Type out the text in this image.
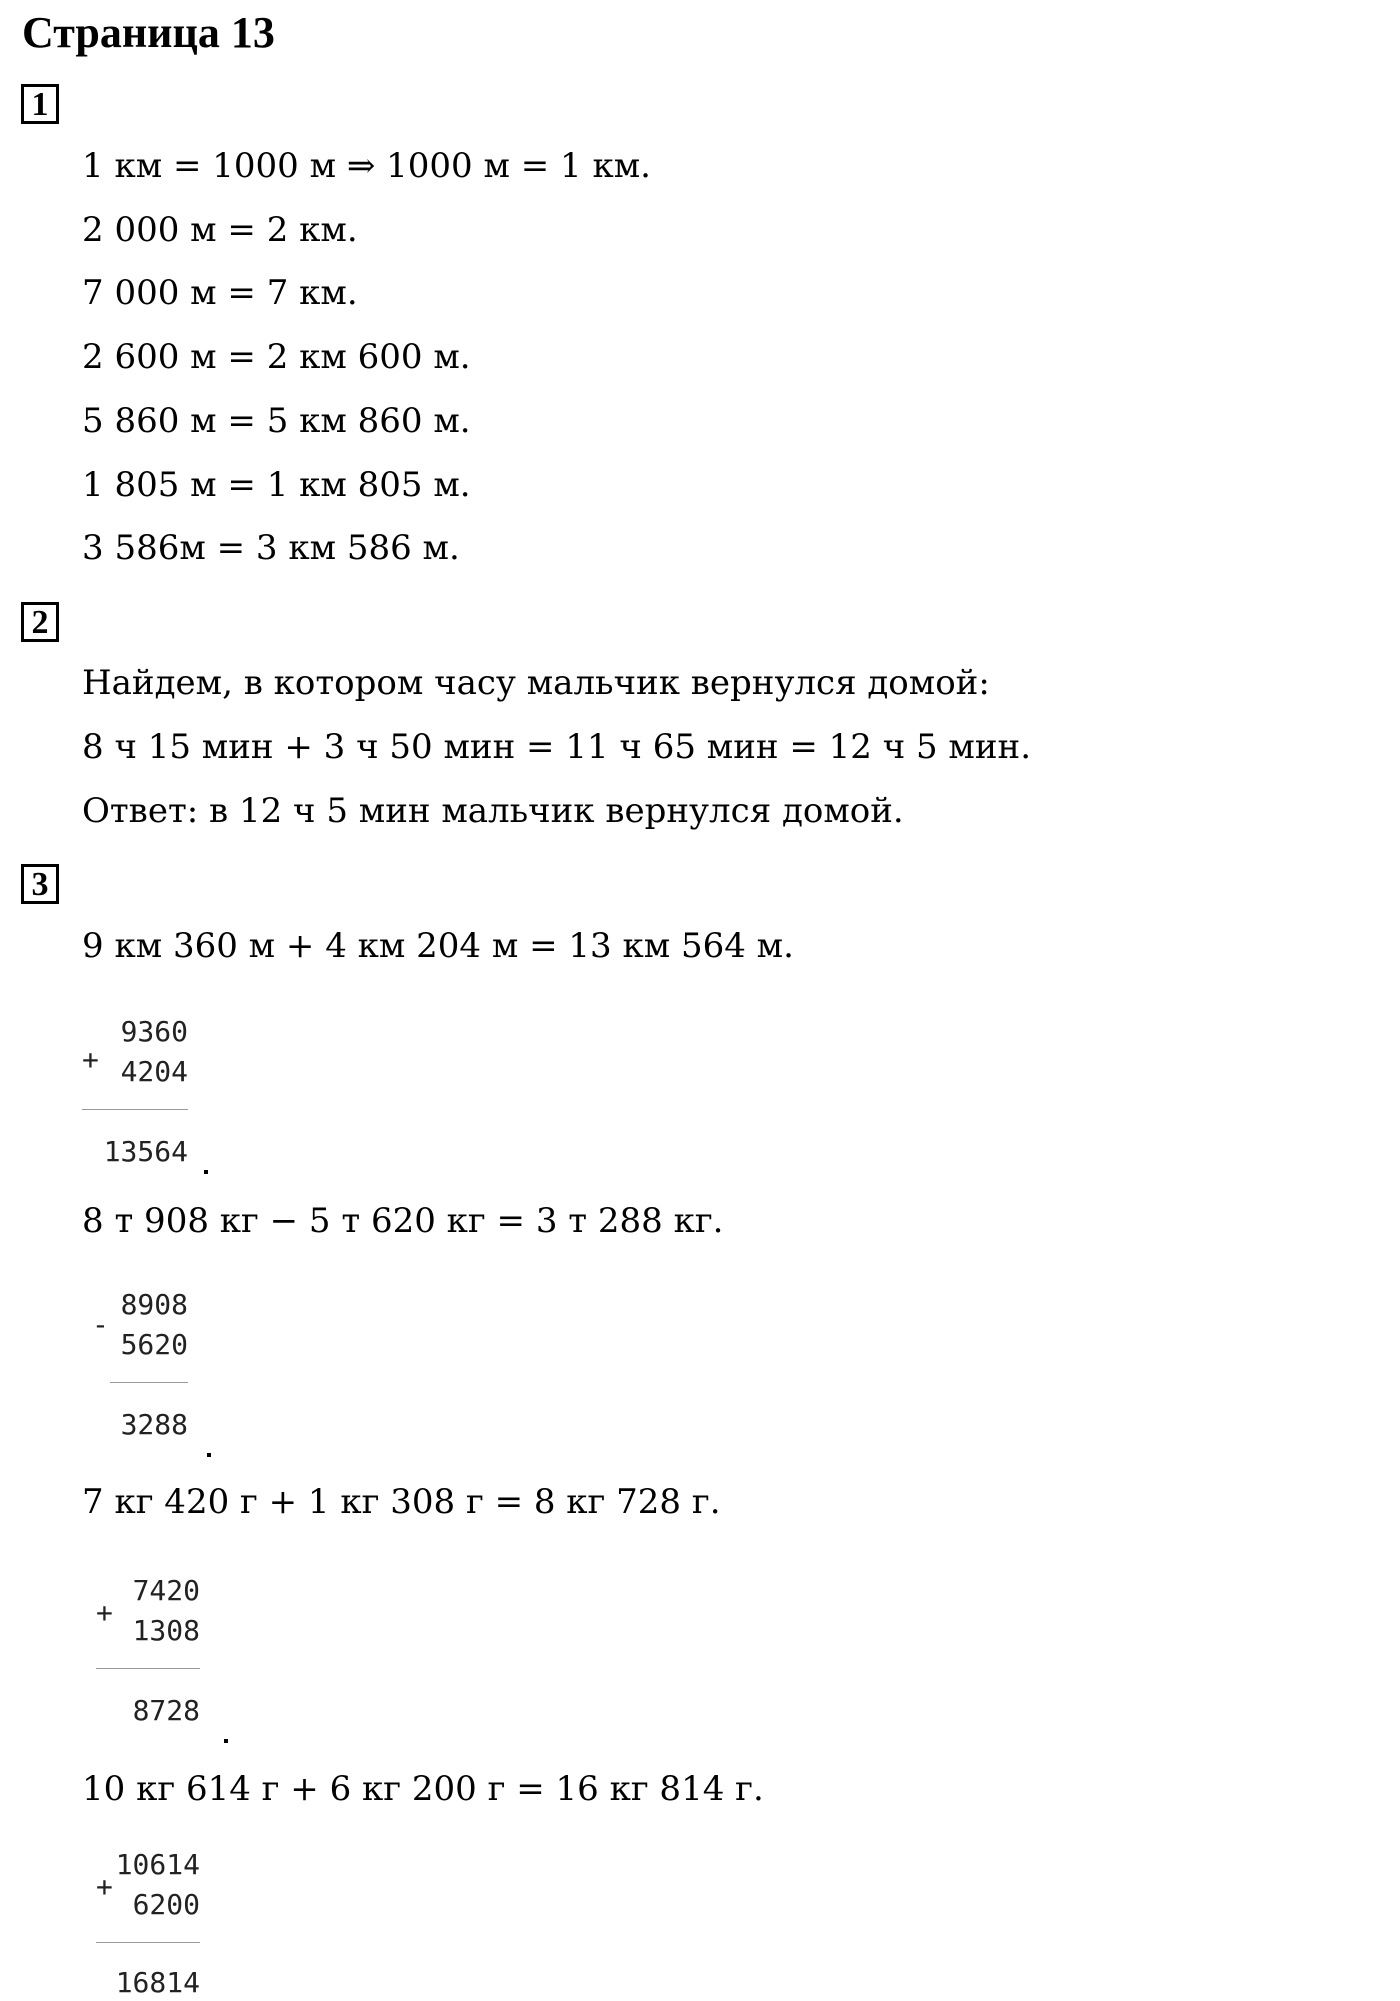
Страница 13
1
1 км = 1000 м ⇒ 1000 м = 1 км.
2 000 м = 2 км.
7 000 м = 7 км.
2 600 м = 2 км 600 м.
5 860 м = 5 км 860 м.
1 805 м = 1 км 805 м.
3 586м = 3 км 586 м.
2
Найдем, в котором часу мальчик вернулся домой:
8 ч 15 мин + 3 ч 50 мин = 11 ч 65 мин = 12 ч 5 мин.
Ответ: в 12 ч 5 мин мальчик вернулся домой.
3
9 км 360 м + 4 км 204 м = 13 км 564 м.
+
9360
4204
13564
8 т 908 кг − 5 т 620 кг = 3 т 288 кг.
-
8908
5620
3288
7 кг 420 г + 1 кг 308 г = 8 кг 728 г.
+
7420
1308
8728
10 кг 614 г + 6 кг 200 г = 16 кг 814 г.
+
10614
6200
16814
